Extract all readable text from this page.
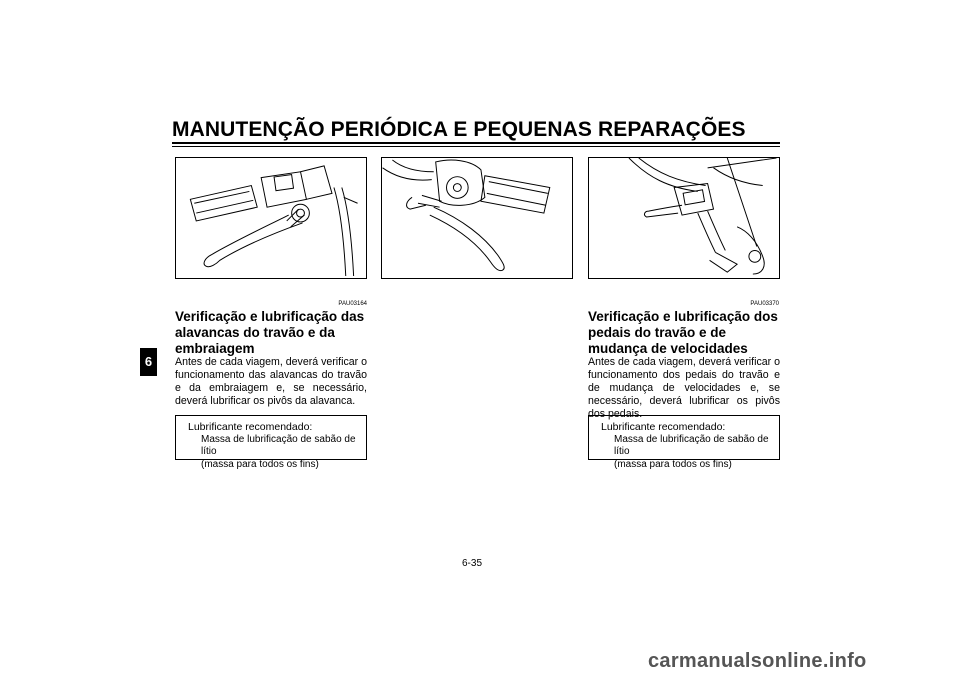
MANUTENÇÃO PERIÓDICA E PEQUENAS REPARAÇÕES
6
PAU03164
Verificação e lubrificação das alavancas do travão e da embraiagem

Antes de cada viagem, deverá verificar o funcionamento das alavancas do travão e da embraiagem e, se necessário, deverá lubrificar os pivôs da alavanca.

Lubrificante recomendado:
Massa de lubrificação de sabão de lítio
(massa para todos os fins)
PAU03370
Verificação e lubrificação dos pedais do travão e de mudança de velocidades

Antes de cada viagem, deverá verificar o funcionamento dos pedais do travão e de mudança de velocidades e, se necessário, deverá lubrificar os pivôs dos pedais.

Lubrificante recomendado:
Massa de lubrificação de sabão de lítio
(massa para todos os fins)
6-35
carmanualsonline.info
